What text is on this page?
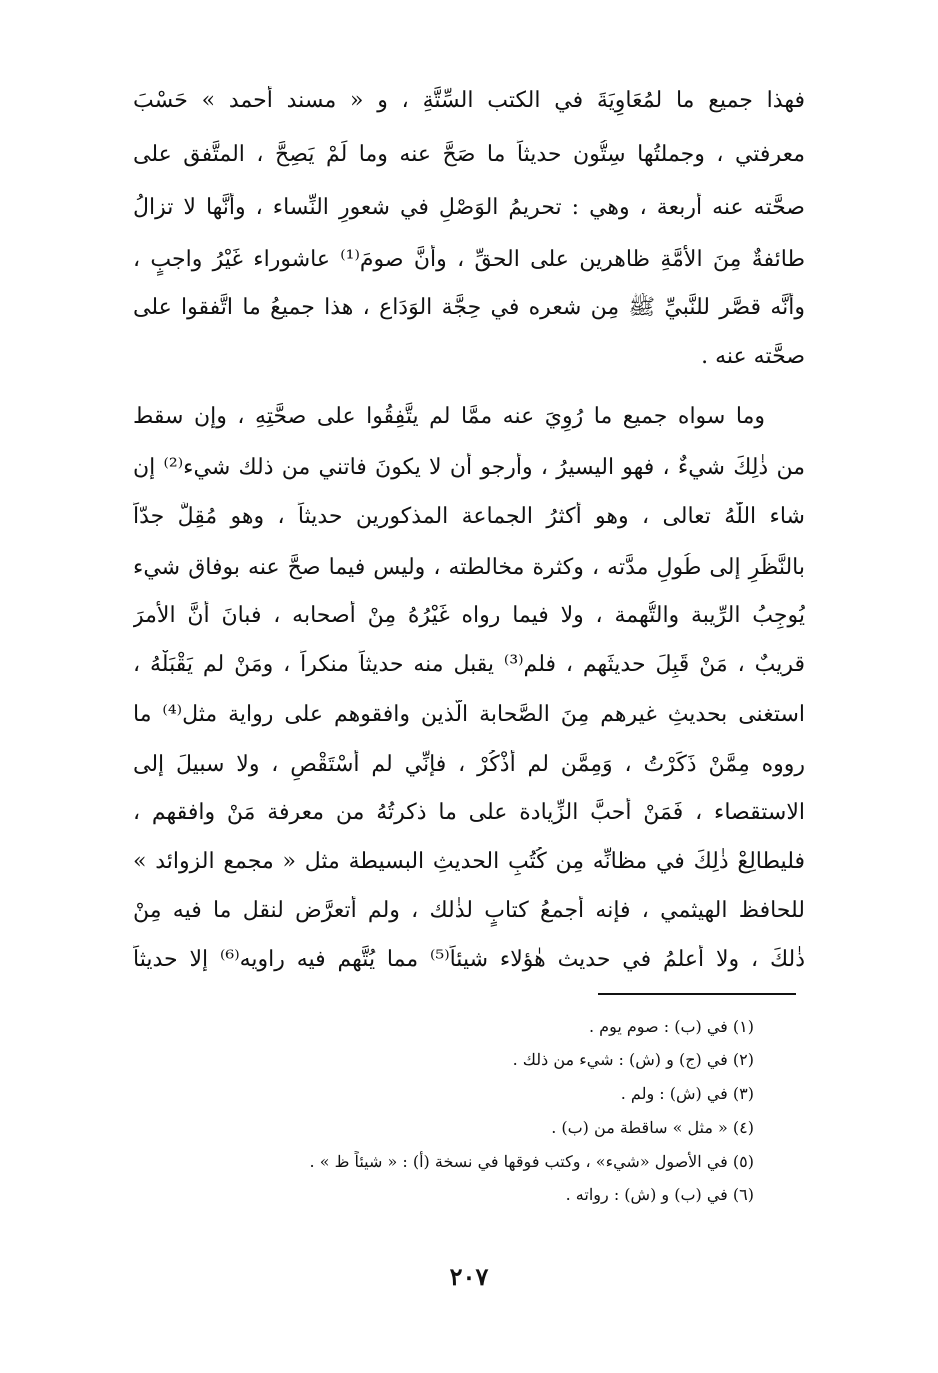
فهذا جميع ما لمُعَاوِيَةَ في الكتب السِّتَّةِ ، و « مسند أحمد » حَسْبَ
معرفتي ، وجملتُها سِتُّون حديثاً ما صَحَّ عنه وما لَمْ يَصِحَّ ، المتَّفق على
صحَّته عنه أربعة ، وهي : تحريمُ الوَصْلِ في شعورِ النِّساء ، وأنَّها لا تزالُ
طائفةٌ مِنَ الأُمَّةِ ظاهرين على الحقِّ ، وأنَّ صومَ⁽¹⁾ عاشوراء غَيْرُ واجبٍ ،
وأنَّه قصَّر للنَّبيِّ ﷺ مِن شعره في حِجَّة الوَدَاع ، هذا جميعُ ما اتَّفقوا على
صحَّته عنه .
وما سواه جميع ما رُوِيَ عنه ممَّا لم يتَّفِقُوا على صحَّتِهِ ، وإن سقط
من ذٰلِكَ شيءٌ ، فهو اليسيرُ ، وأرجو أن لا يكونَ فاتني من ذلك شيء⁽²⁾ إن
شاء اللّٰهُ تعالى ، وهو أكثرُ الجماعة المذكورين حديثاً ، وهو مُقِلٌّ جدّاً
بالنَّظَرِ إلى طُولِ مدَّته ، وكثرة مخالطته ، وليس فيما صحَّ عنه بوفاق شيء
يُوجِبُ الرِّيبة والتُّهمة ، ولا فيما رواه غَيْرُهُ مِنْ أصحابه ، فبانَ أنَّ الأمرَ
قريبٌ ، مَنْ قَبِلَ حديثَهم ، فلم⁽³⁾ يقبل منه حديثاً منكراً ، ومَنْ لم يَقْبَلْهُ ،
استغنى بحديثِ غيرهم مِنَ الصَّحابة الَّذين وافقوهم على رواية مثل⁽⁴⁾ ما
رووه مِمَّنْ ذَكَرْتُ ، وَمِمَّن لم أَذْكُرْ ، فإنِّي لم أَسْتَقْصِ ، ولا سبيلَ إلى
الاستقصاء ، فَمَنْ أحبَّ الزِّيادة على ما ذكرتُهُ من معرفة مَنْ وافقهم ،
فليطالِعْ ذٰلِكَ في مظانِّه مِن كُتُبِ الحديثِ البسيطة مثل « مجمع الزوائد »
للحافظ الهيثمي ، فإنه أجمعُ كتابٍ لذٰلك ، ولم أتعرَّض لنقل ما فيه مِنْ
ذٰلكَ ، ولا أعلمُ في حديث هٰؤلاء شيئاً⁽⁵⁾ مما يُتَّهم فيه راويه⁽⁶⁾ إلا حديثاً
(١) في (ب) : صوم يوم .
(٢) في (ج) و (ش) : شيء من ذلك .
(٣) في (ش) : ولم .
(٤) « مثل » ساقطة من (ب) .
(٥) في الأصول «شيء» ، وكتب فوقها في نسخة (أ) : « شيئاً ظ » .
(٦) في (ب) و (ش) : رواته .
٢٠٧
